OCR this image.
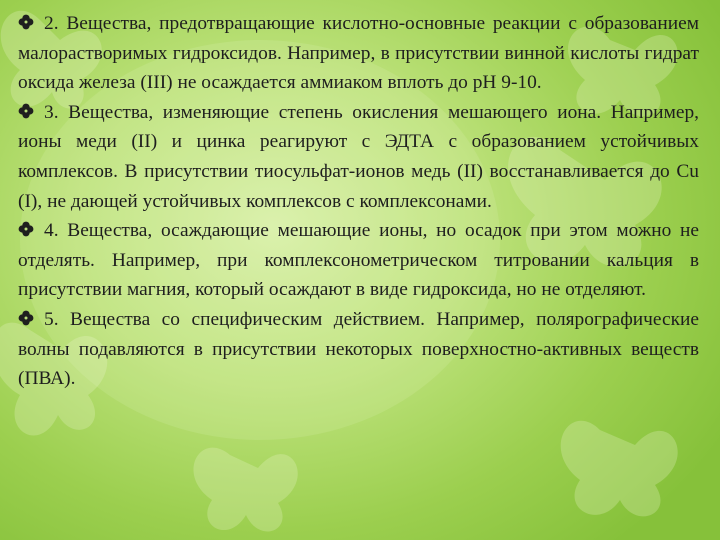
2. Вещества, предотвращающие кислотно-основные реакции с образованием малорастворимых гидроксидов. Например, в присутствии винной кислоты гидрат оксида железа (III) не осаждается аммиаком вплоть до pH 9-10.

3. Вещества, изменяющие степень окисления мешающего иона. Например, ионы меди (II) и цинка реагируют с ЭДТА с образованием устойчивых комплексов. В присутствии тиосульфат-ионов медь (II) восстанавливается до Cu (I), не дающей устойчивых комплексов с комплексонами.

4. Вещества, осаждающие мешающие ионы, но осадок при этом можно не отделять. Например, при комплексонометрическом титровании кальция в присутствии магния, который осаждают в виде гидроксида, но не отделяют.

5. Вещества со специфическим действием. Например, полярографические волны подавляются в присутствии некоторых поверхностно-активных веществ (ПВА).
